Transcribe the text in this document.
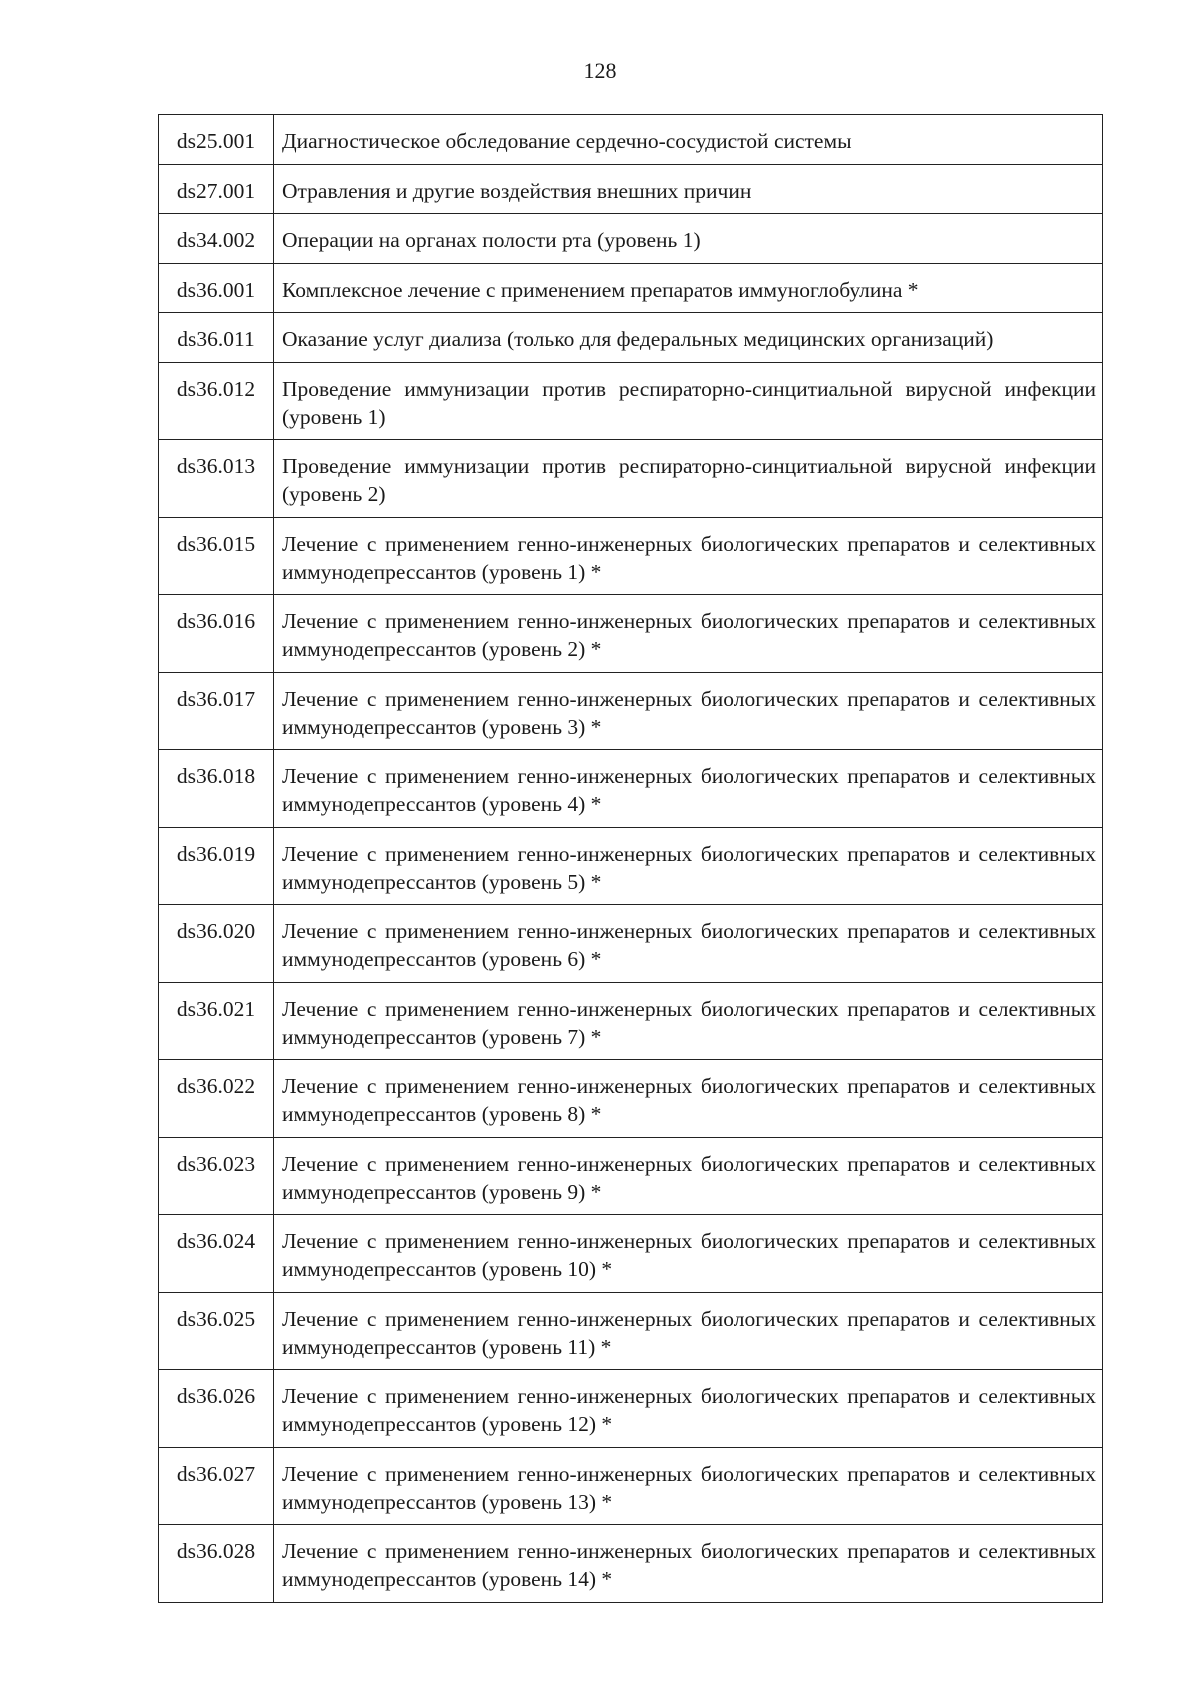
128
ds25.001	Диагностическое обследование сердечно-сосудистой системы
ds27.001	Отравления и другие воздействия внешних причин
ds34.002	Операции на органах полости рта (уровень 1)
ds36.001	Комплексное лечение с применением препаратов иммуноглобулина *
ds36.011	Оказание услуг диализа (только для федеральных медицинских организаций)
ds36.012	Проведение иммунизации против респираторно-синцитиальной вирусной инфекции (уровень 1)
ds36.013	Проведение иммунизации против респираторно-синцитиальной вирусной инфекции (уровень 2)
ds36.015	Лечение с применением генно-инженерных биологических препаратов и селективных иммунодепрессантов (уровень 1) *
ds36.016	Лечение с применением генно-инженерных биологических препаратов и селективных иммунодепрессантов (уровень 2) *
ds36.017	Лечение с применением генно-инженерных биологических препаратов и селективных иммунодепрессантов (уровень 3) *
ds36.018	Лечение с применением генно-инженерных биологических препаратов и селективных иммунодепрессантов (уровень 4) *
ds36.019	Лечение с применением генно-инженерных биологических препаратов и селективных иммунодепрессантов (уровень 5) *
ds36.020	Лечение с применением генно-инженерных биологических препаратов и селективных иммунодепрессантов (уровень 6) *
ds36.021	Лечение с применением генно-инженерных биологических препаратов и селективных иммунодепрессантов (уровень 7) *
ds36.022	Лечение с применением генно-инженерных биологических препаратов и селективных иммунодепрессантов (уровень 8) *
ds36.023	Лечение с применением генно-инженерных биологических препаратов и селективных иммунодепрессантов (уровень 9) *
ds36.024	Лечение с применением генно-инженерных биологических препаратов и селективных иммунодепрессантов (уровень 10) *
ds36.025	Лечение с применением генно-инженерных биологических препаратов и селективных иммунодепрессантов (уровень 11) *
ds36.026	Лечение с применением генно-инженерных биологических препаратов и селективных иммунодепрессантов (уровень 12) *
ds36.027	Лечение с применением генно-инженерных биологических препаратов и селективных иммунодепрессантов (уровень 13) *
ds36.028	Лечение с применением генно-инженерных биологических препаратов и селективных иммунодепрессантов (уровень 14) *
